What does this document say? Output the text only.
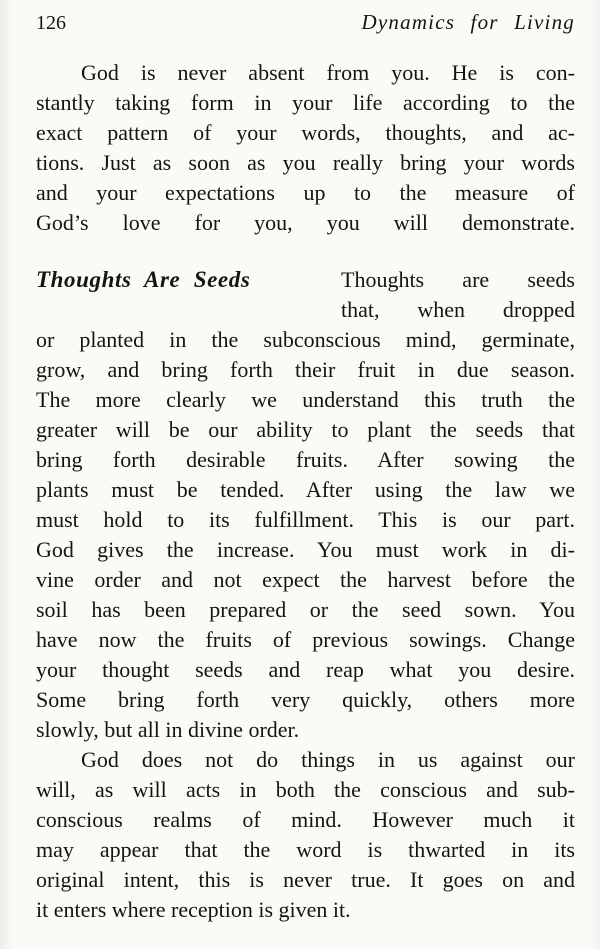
126	Dynamics for Living
God is never absent from you. He is con-
stantly taking form in your life according to the
exact pattern of your words, thoughts, and ac-
tions. Just as soon as you really bring your words
and your expectations up to the measure of
God’s love for you, you will demonstrate.
Thoughts Are Seeds	Thoughts are seeds
that, when dropped
or planted in the subconscious mind, germinate,
grow, and bring forth their fruit in due season.
The more clearly we understand this truth the
greater will be our ability to plant the seeds that
bring forth desirable fruits. After sowing the
plants must be tended. After using the law we
must hold to its fulfillment. This is our part.
God gives the increase. You must work in di-
vine order and not expect the harvest before the
soil has been prepared or the seed sown. You
have now the fruits of previous sowings. Change
your thought seeds and reap what you desire.
Some bring forth very quickly, others more
slowly, but all in divine order.
God does not do things in us against our
will, as will acts in both the conscious and sub-
conscious realms of mind. However much it
may appear that the word is thwarted in its
original intent, this is never true. It goes on and
it enters where reception is given it.
